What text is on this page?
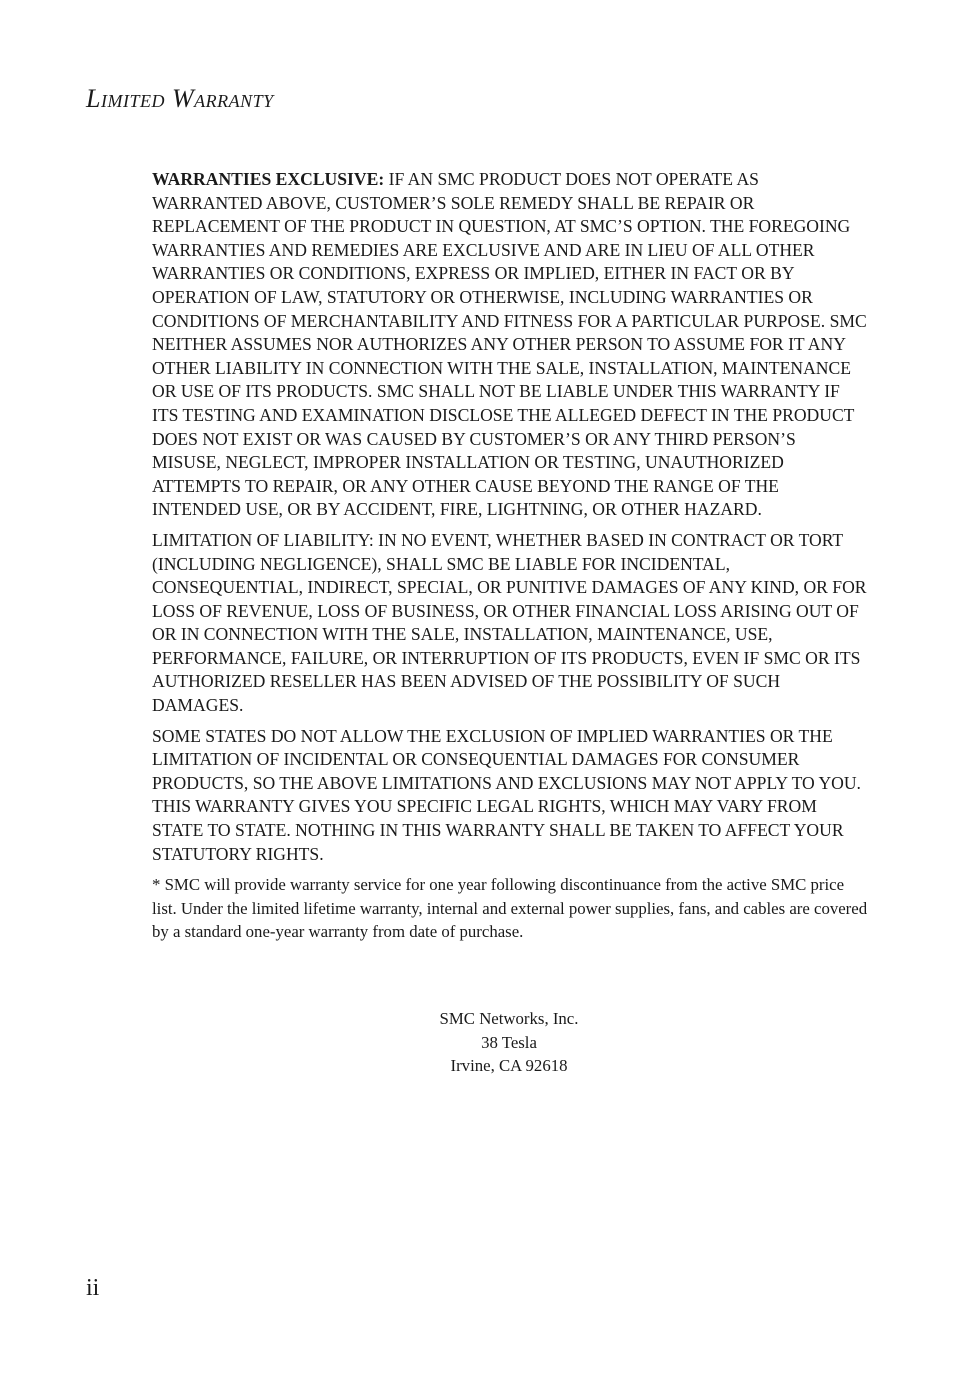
Limited Warranty

WARRANTIES EXCLUSIVE: IF AN SMC PRODUCT DOES NOT OPERATE AS WARRANTED ABOVE, CUSTOMER’S SOLE REMEDY SHALL BE REPAIR OR REPLACEMENT OF THE PRODUCT IN QUESTION, AT SMC’S OPTION. THE FOREGOING WARRANTIES AND REMEDIES ARE EXCLUSIVE AND ARE IN LIEU OF ALL OTHER WARRANTIES OR CONDITIONS, EXPRESS OR IMPLIED, EITHER IN FACT OR BY OPERATION OF LAW, STATUTORY OR OTHERWISE, INCLUDING WARRANTIES OR CONDITIONS OF MERCHANTABILITY AND FITNESS FOR A PARTICULAR PURPOSE. SMC NEITHER ASSUMES NOR AUTHORIZES ANY OTHER PERSON TO ASSUME FOR IT ANY OTHER LIABILITY IN CONNECTION WITH THE SALE, INSTALLATION, MAINTENANCE OR USE OF ITS PRODUCTS. SMC SHALL NOT BE LIABLE UNDER THIS WARRANTY IF ITS TESTING AND EXAMINATION DISCLOSE THE ALLEGED DEFECT IN THE PRODUCT DOES NOT EXIST OR WAS CAUSED BY CUSTOMER’S OR ANY THIRD PERSON’S MISUSE, NEGLECT, IMPROPER INSTALLATION OR TESTING, UNAUTHORIZED ATTEMPTS TO REPAIR, OR ANY OTHER CAUSE BEYOND THE RANGE OF THE INTENDED USE, OR BY ACCIDENT, FIRE, LIGHTNING, OR OTHER HAZARD.

LIMITATION OF LIABILITY: IN NO EVENT, WHETHER BASED IN CONTRACT OR TORT (INCLUDING NEGLIGENCE), SHALL SMC BE LIABLE FOR INCIDENTAL, CONSEQUENTIAL, INDIRECT, SPECIAL, OR PUNITIVE DAMAGES OF ANY KIND, OR FOR LOSS OF REVENUE, LOSS OF BUSINESS, OR OTHER FINANCIAL LOSS ARISING OUT OF OR IN CONNECTION WITH THE SALE, INSTALLATION, MAINTENANCE, USE, PERFORMANCE, FAILURE, OR INTERRUPTION OF ITS PRODUCTS, EVEN IF SMC OR ITS AUTHORIZED RESELLER HAS BEEN ADVISED OF THE POSSIBILITY OF SUCH DAMAGES.

SOME STATES DO NOT ALLOW THE EXCLUSION OF IMPLIED WARRANTIES OR THE LIMITATION OF INCIDENTAL OR CONSEQUENTIAL DAMAGES FOR CONSUMER PRODUCTS, SO THE ABOVE LIMITATIONS AND EXCLUSIONS MAY NOT APPLY TO YOU. THIS WARRANTY GIVES YOU SPECIFIC LEGAL RIGHTS, WHICH MAY VARY FROM STATE TO STATE. NOTHING IN THIS WARRANTY SHALL BE TAKEN TO AFFECT YOUR STATUTORY RIGHTS.

* SMC will provide warranty service for one year following discontinuance from the active SMC price list. Under the limited lifetime warranty, internal and external power supplies, fans, and cables are covered by a standard one-year warranty from date of purchase.

SMC Networks, Inc.
38 Tesla
Irvine, CA 92618
ii
